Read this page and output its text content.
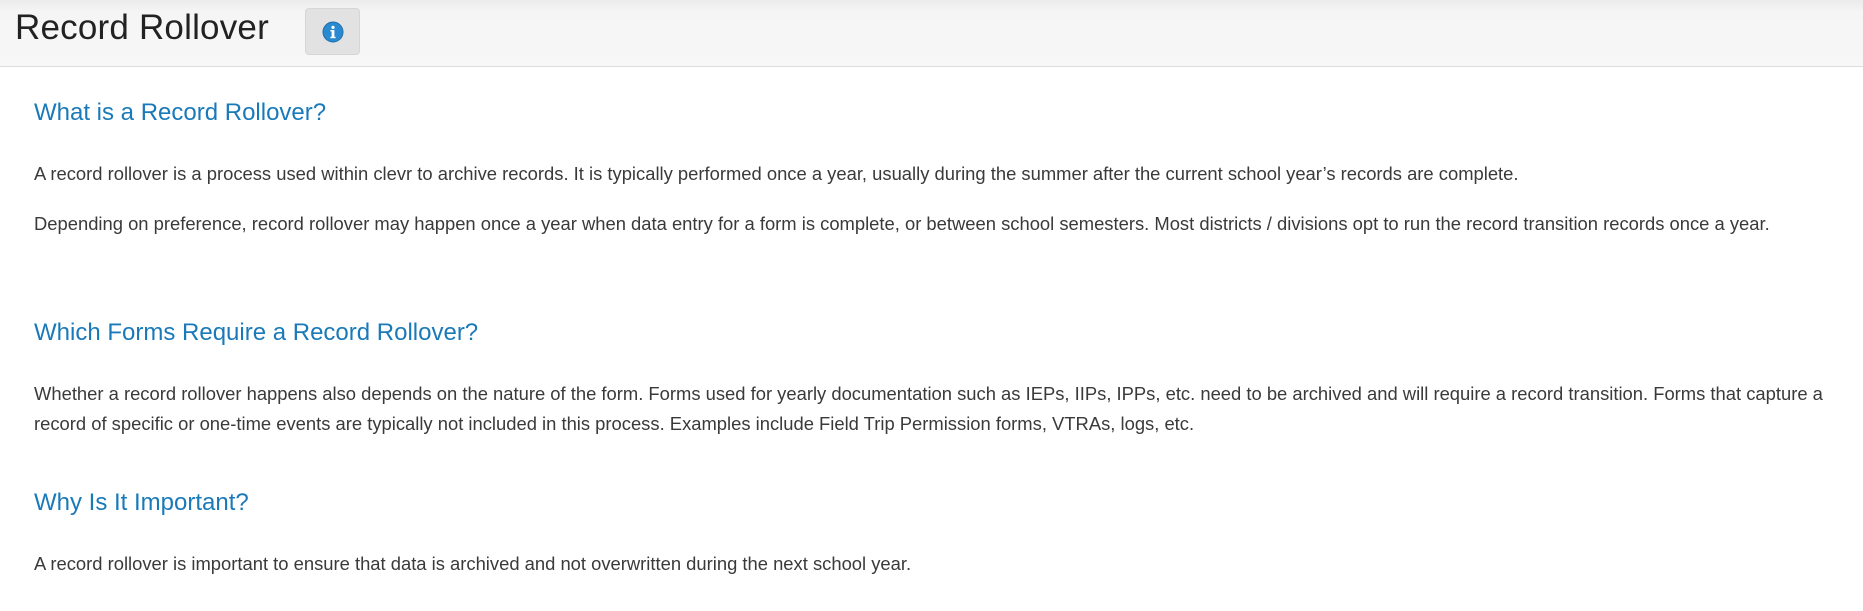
Record Rollover
What is a Record Rollover?

A record rollover is a process used within clevr to archive records. It is typically performed once a year, usually during the summer after the current school year’s records are complete.

Depending on preference, record rollover may happen once a year when data entry for a form is complete, or between school semesters. Most districts / divisions opt to run the record transition records once a year.

Which Forms Require a Record Rollover?

Whether a record rollover happens also depends on the nature of the form. Forms used for yearly documentation such as IEPs, IIPs, IPPs, etc. need to be archived and will require a record transition. Forms that capture a record of specific or one-time events are typically not included in this process. Examples include Field Trip Permission forms, VTRAs, logs, etc.

Why Is It Important?

A record rollover is important to ensure that data is archived and not overwritten during the next school year.
